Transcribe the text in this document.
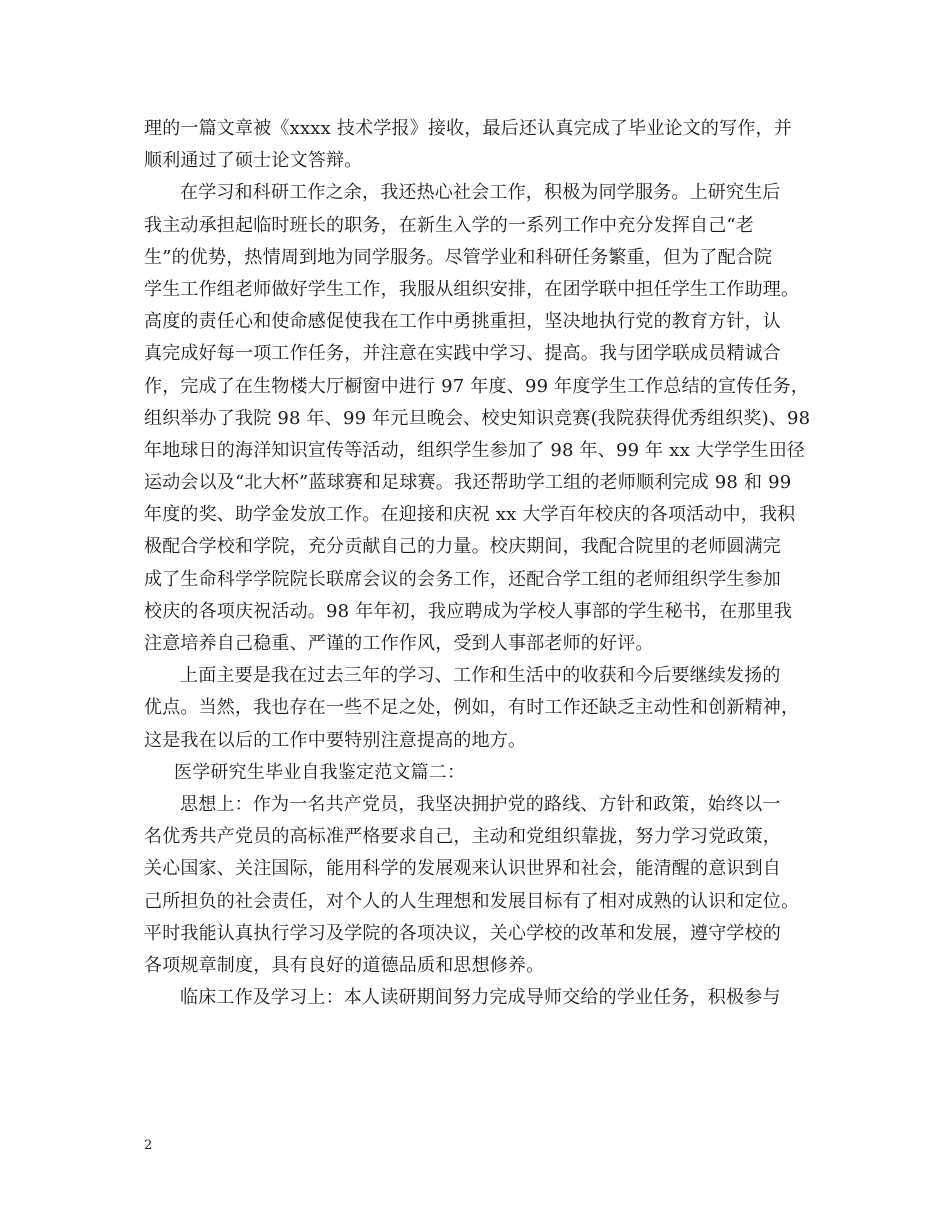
理的一篇文章被《xxxx 技术学报》接收，最后还认真完成了毕业论文的写作，并
顺利通过了硕士论文答辩。
在学习和科研工作之余，我还热心社会工作，积极为同学服务。上研究生后
我主动承担起临时班长的职务，在新生入学的一系列工作中充分发挥自己“老
生”的优势，热情周到地为同学服务。尽管学业和科研任务繁重，但为了配合院
学生工作组老师做好学生工作，我服从组织安排，在团学联中担任学生工作助理。
高度的责任心和使命感促使我在工作中勇挑重担，坚决地执行党的教育方针，认
真完成好每一项工作任务，并注意在实践中学习、提高。我与团学联成员精诚合
作，完成了在生物楼大厅橱窗中进行 97 年度、99 年度学生工作总结的宣传任务，
组织举办了我院 98 年、99 年元旦晚会、校史知识竞赛(我院获得优秀组织奖)、98
年地球日的海洋知识宣传等活动，组织学生参加了 98 年、99 年 xx 大学学生田径
运动会以及“北大杯”蓝球赛和足球赛。我还帮助学工组的老师顺利完成 98 和 99
年度的奖、助学金发放工作。在迎接和庆祝 xx 大学百年校庆的各项活动中，我积
极配合学校和学院，充分贡献自己的力量。校庆期间，我配合院里的老师圆满完
成了生命科学学院院长联席会议的会务工作，还配合学工组的老师组织学生参加
校庆的各项庆祝活动。98 年年初，我应聘成为学校人事部的学生秘书，在那里我
注意培养自己稳重、严谨的工作作风，受到人事部老师的好评。
上面主要是我在过去三年的学习、工作和生活中的收获和今后要继续发扬的
优点。当然，我也存在一些不足之处，例如，有时工作还缺乏主动性和创新精神，
这是我在以后的工作中要特别注意提高的地方。
医学研究生毕业自我鉴定范文篇二：
思想上：作为一名共产党员，我坚决拥护党的路线、方针和政策，始终以一
名优秀共产党员的高标准严格要求自己，主动和党组织靠拢，努力学习党政策，
关心国家、关注国际，能用科学的发展观来认识世界和社会，能清醒的意识到自
己所担负的社会责任，对个人的人生理想和发展目标有了相对成熟的认识和定位。
平时我能认真执行学习及学院的各项决议，关心学校的改革和发展，遵守学校的
各项规章制度，具有良好的道德品质和思想修养。
临床工作及学习上：本人读研期间努力完成导师交给的学业任务，积极参与
2
